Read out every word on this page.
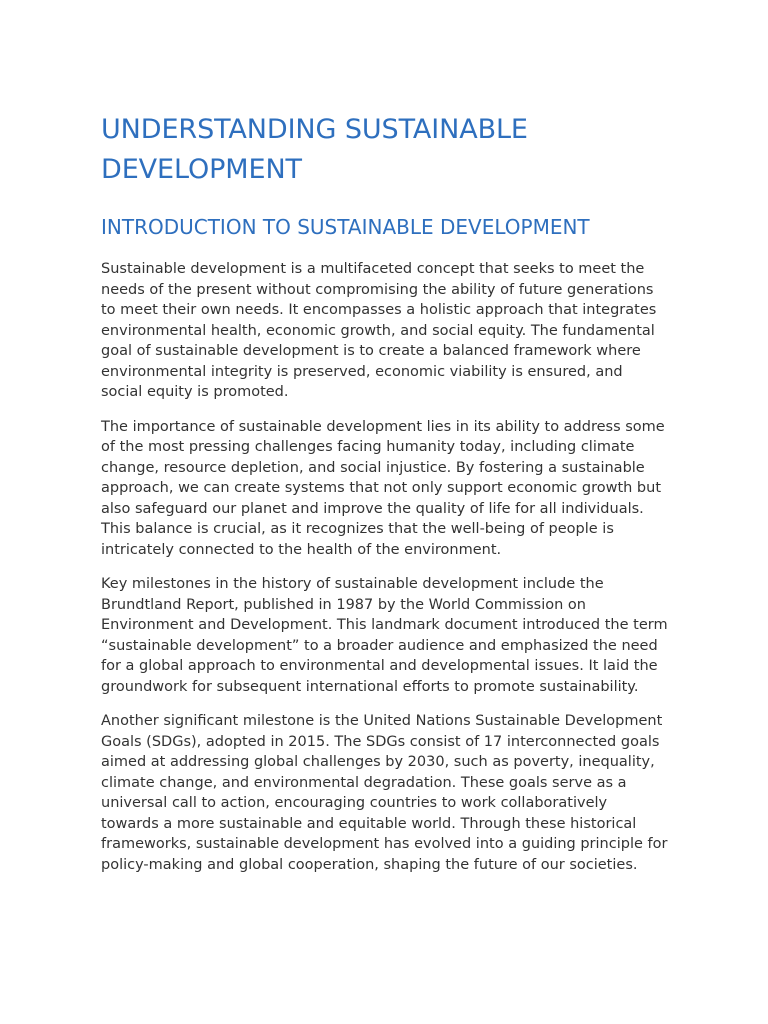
UNDERSTANDING SUSTAINABLE DEVELOPMENT
INTRODUCTION TO SUSTAINABLE DEVELOPMENT

Sustainable development is a multifaceted concept that seeks to meet the needs of the present without compromising the ability of future generations to meet their own needs. It encompasses a holistic approach that integrates environmental health, economic growth, and social equity. The fundamental goal of sustainable development is to create a balanced framework where environmental integrity is preserved, economic viability is ensured, and social equity is promoted.

The importance of sustainable development lies in its ability to address some of the most pressing challenges facing humanity today, including climate change, resource depletion, and social injustice. By fostering a sustainable approach, we can create systems that not only support economic growth but also safeguard our planet and improve the quality of life for all individuals. This balance is crucial, as it recognizes that the well-being of people is intricately connected to the health of the environment.

Key milestones in the history of sustainable development include the Brundtland Report, published in 1987 by the World Commission on Environment and Development. This landmark document introduced the term “sustainable development” to a broader audience and emphasized the need for a global approach to environmental and developmental issues. It laid the groundwork for subsequent international efforts to promote sustainability.

Another significant milestone is the United Nations Sustainable Development Goals (SDGs), adopted in 2015. The SDGs consist of 17 interconnected goals aimed at addressing global challenges by 2030, such as poverty, inequality, climate change, and environmental degradation. These goals serve as a universal call to action, encouraging countries to work collaboratively towards a more sustainable and equitable world. Through these historical frameworks, sustainable development has evolved into a guiding principle for policy-making and global cooperation, shaping the future of our societies.
